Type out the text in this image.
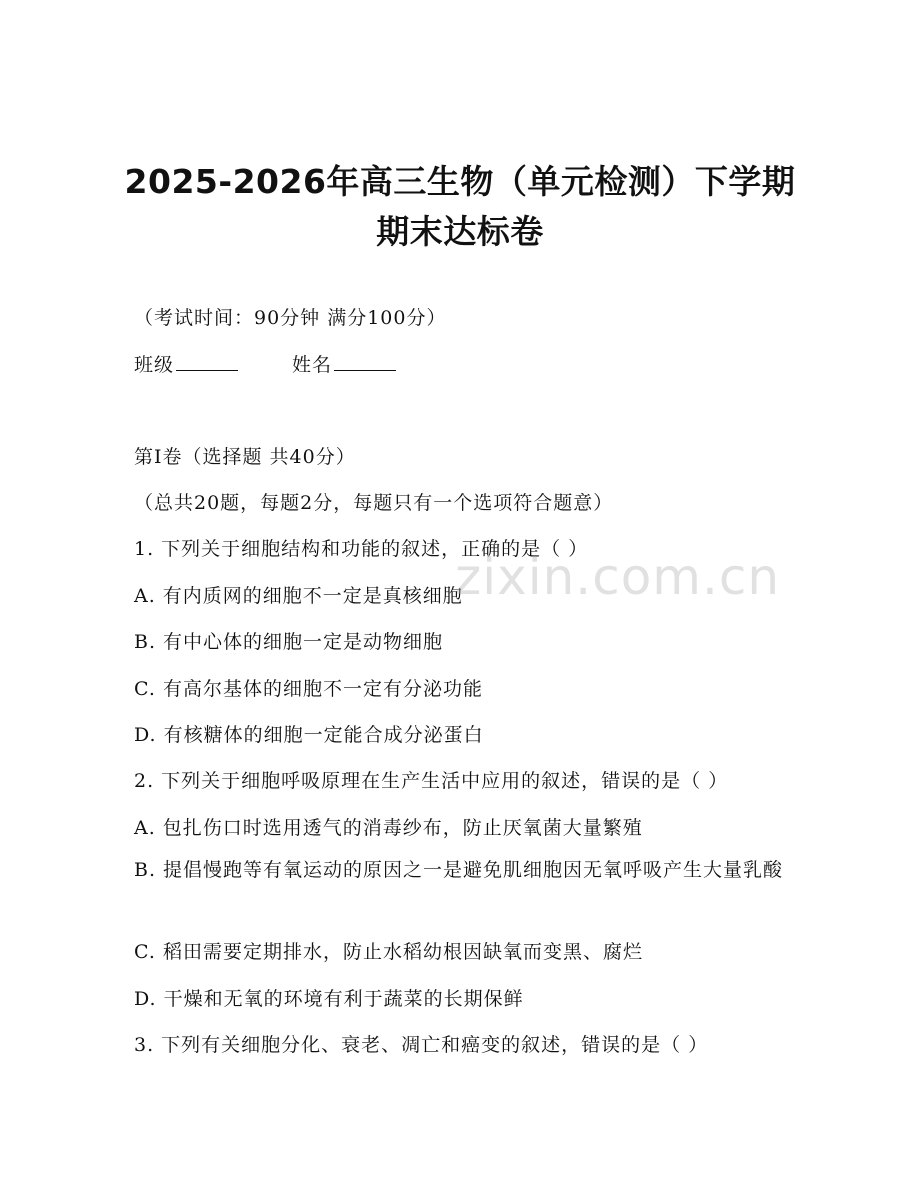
2025-2026年高三生物（单元检测）下学期
期末达标卷
（考试时间：90分钟 满分100分）
班级	姓名
第I卷（选择题 共40分）
（总共20题，每题2分，每题只有一个选项符合题意）
1. 下列关于细胞结构和功能的叙述，正确的是（ ）
A. 有内质网的细胞不一定是真核细胞
B. 有中心体的细胞一定是动物细胞
C. 有高尔基体的细胞不一定有分泌功能
D. 有核糖体的细胞一定能合成分泌蛋白
2. 下列关于细胞呼吸原理在生产生活中应用的叙述，错误的是（ ）
A. 包扎伤口时选用透气的消毒纱布，防止厌氧菌大量繁殖
B. 提倡慢跑等有氧运动的原因之一是避免肌细胞因无氧呼吸产生大量乳酸
C. 稻田需要定期排水，防止水稻幼根因缺氧而变黑、腐烂
D. 干燥和无氧的环境有利于蔬菜的长期保鲜
3. 下列有关细胞分化、衰老、凋亡和癌变的叙述，错误的是（ ）
zixin.com.cn
